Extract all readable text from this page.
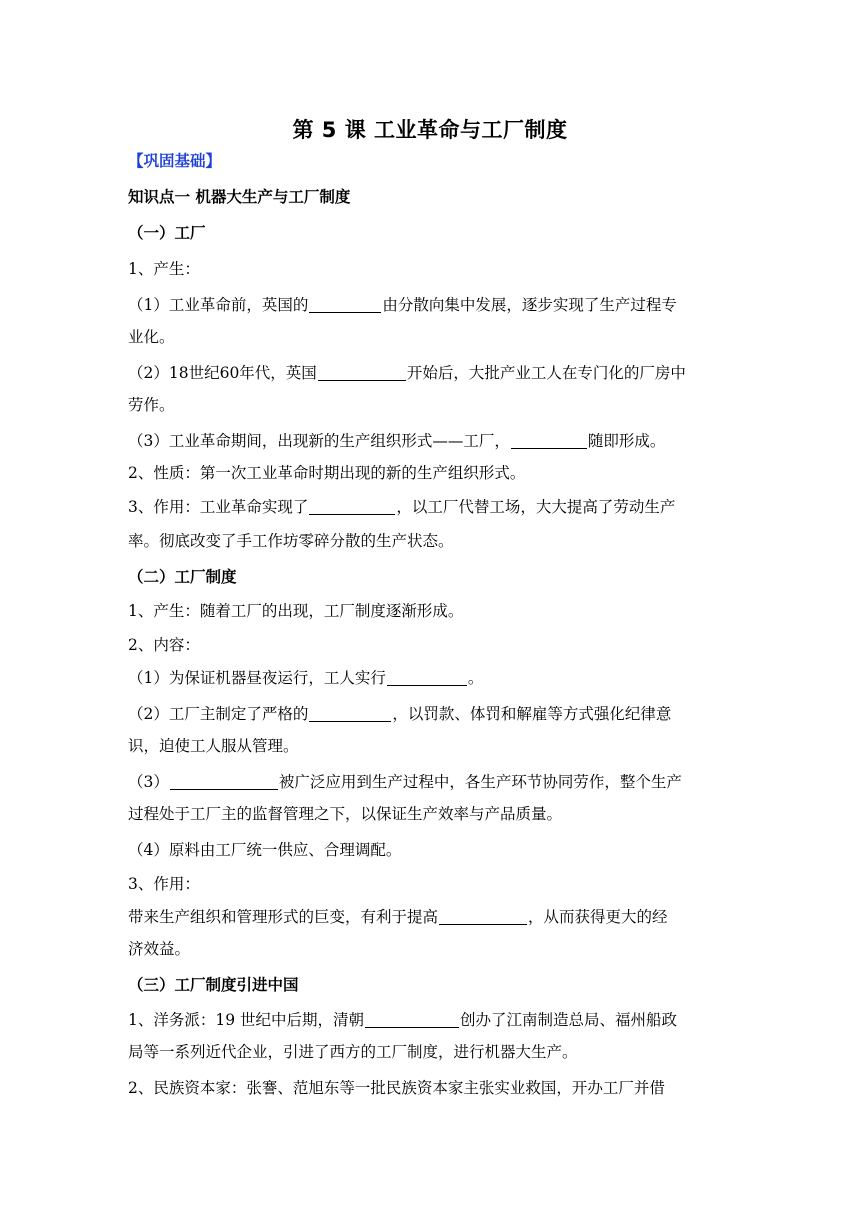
第 5 课 工业革命与工厂制度
【巩固基础】
知识点一 机器大生产与工厂制度
（一）工厂
1、产生：
（1）工业革命前，英国的	由分散向集中发展，逐步实现了生产过程专
业化。
（2）18世纪60年代，英国	开始后，大批产业工人在专门化的厂房中
劳作。
（3）工业革命期间，出现新的生产组织形式——工厂，	随即形成。
2、性质：第一次工业革命时期出现的新的生产组织形式。
3、作用：工业革命实现了	，以工厂代替工场，大大提高了劳动生产
率。彻底改变了手工作坊零碎分散的生产状态。
（二）工厂制度
1、产生：随着工厂的出现，工厂制度逐渐形成。
2、内容：
（1）为保证机器昼夜运行，工人实行	。
（2）工厂主制定了严格的	，以罚款、体罚和解雇等方式强化纪律意
识，迫使工人服从管理。
（3）	被广泛应用到生产过程中，各生产环节协同劳作，整个生产
过程处于工厂主的监督管理之下，以保证生产效率与产品质量。
（4）原料由工厂统一供应、合理调配。
3、作用：
带来生产组织和管理形式的巨变，有利于提高	，从而获得更大的经
济效益。
（三）工厂制度引进中国
1、洋务派：19 世纪中后期，清朝	创办了江南制造总局、福州船政
局等一系列近代企业，引进了西方的工厂制度，进行机器大生产。
2、民族资本家：张謇、范旭东等一批民族资本家主张实业救国，开办工厂并借
